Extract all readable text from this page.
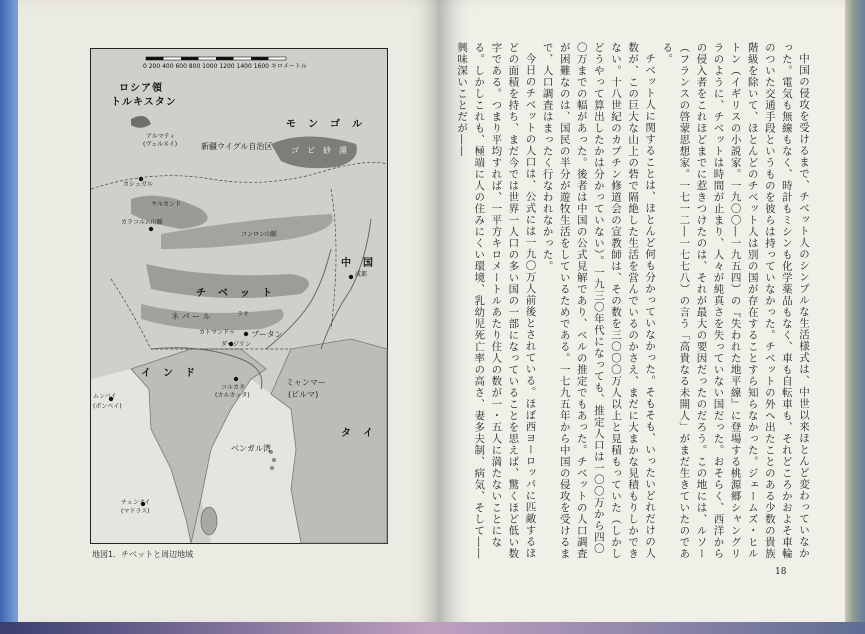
0 200 400 600 800 1000 1200 1400 1600 キロメートル
ロシア領
トルキスタン
モ　ン　ゴ　ル
アルマティ
(ヴェルヌイ)	新疆ウイグル自治区 ゴ　ビ　砂　漠
カシュガル
ヤルカンド
カラコルム山脈
コンロン山脈
チ　ベ　ッ　ト
中　国
成都
イ　ン　ド
ネ パ ー ル	ラサ
カトマンドゥ
ダージリン
ブータン
コルカタ
(カルカッタ)
ミャンマー
(ビルマ)
ムンバイ
(ボンベイ)
ベンガル湾
チェンナイ
(マドラス)
タ　イ
地図1．チベットと周辺地域	中国の侵攻を受けるまで、チベット人のシンプルな生活様式は、中世以来ほとんど変わっていなかった。電気も無線もなく、時計もミシンも化学薬品もなく、車も自転車も、それどころかおよそ車輪のついた交通手段というものを彼らは持っていなかった。チベットの外へ出たことのある少数の貴族階級を除いて、ほとんどのチベット人は別の国が存在することすら知らなかった。ジェームズ・ヒルトン（イギリスの小説家。一九〇〇―一九五四）の『失われた地平線』に登場する桃源郷シャングリラのように、チベットは時間が止まり、人々が純真さを失っていない国だった。おそらく、西洋からの侵入者をこれほどまでに惹きつけたのは、それが最大の要因だったのだろう。この地には、ルソー（フランスの啓蒙思想家。一七一二―一七七八）の言う「高貴なる未開人」がまだ生きていたのである。

チベット人に関することは、ほとんど何も分かっていなかった。そもそも、いったいどれだけの人数が、この巨大な山上の砦で隔絶した生活を営んでいるのかさえ、まだに大まかな見積もりしかできない。十八世紀のカプチン修道会の宣教師は、その数を三〇〇〇万人以上と見積もっていた（しかしどうやって算出したかは分かっていない）。一九三〇年代になっても、推定人口は一〇〇万から四〇〇万までの幅があった。後者は中国の公式見解であり、ベルの推定でもあった。チベットの人口調査が困難なのは、国民の半分が遊牧生活をしているためである。一七九五年から中国の侵攻を受けるまで、人口調査はまったく行なわれなかった。

今日のチベットの人口は、公式には一九〇万人前後とされている。ほぼ西ヨーロッパに匹敵するほどの面積を持ち、まだ今では世界一人口の多い国の一部になっていることを思えば、驚くほど低い数字である。つまり平均すれば、一平方キロメートルあたり住人の数が一・五人に満たないことになる。しかしこれも、極端に人の住みにくい環境、乳幼児死亡率の高さ、妻多夫制、病気、そして――興味深いことだが――

18
